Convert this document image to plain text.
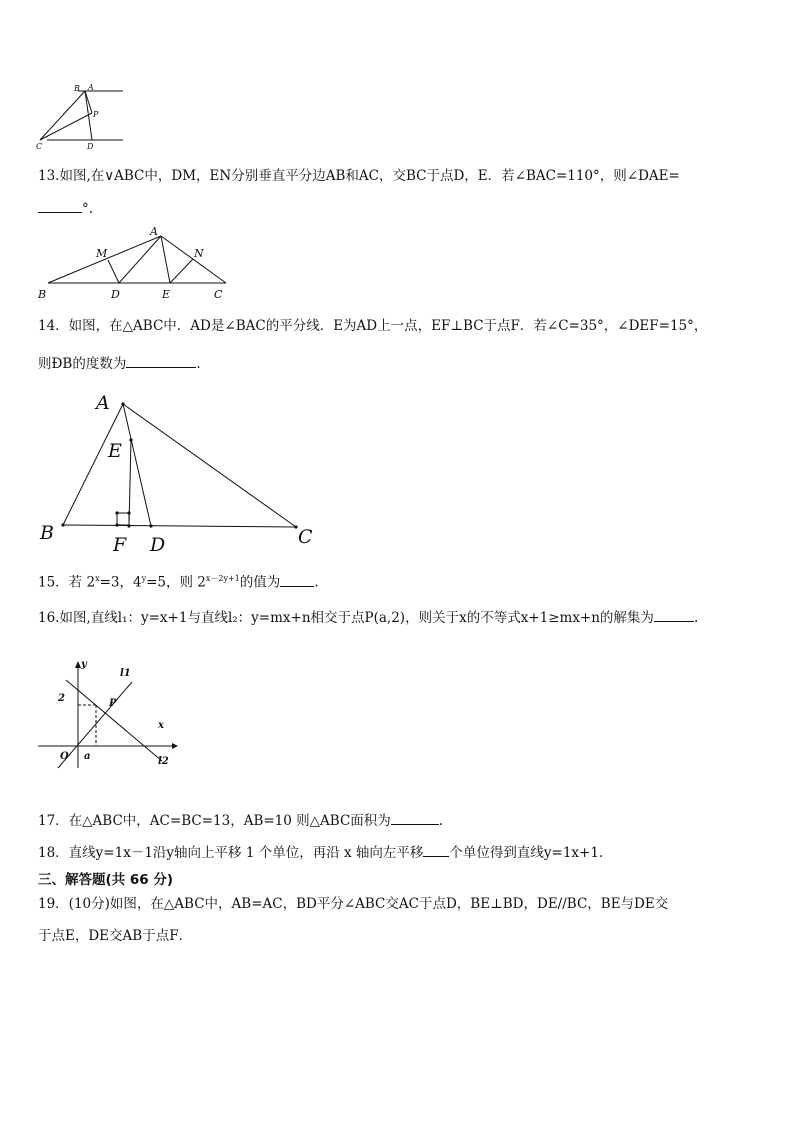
B A
P
C	D
13.如图,在∨ABC中，DM，EN分别垂直平分边AB和AC，交BC于点D，E．若∠BAC=110°，则∠DAE=
°.
A
M	N
B	D	E	C
14．如图，在△ABC中．AD是∠BAC的平分线．E为AD上一点，EF⊥BC于点F．若∠C=35°，∠DEF=15°，
则ÐB的度数为	.
A
E
B
F D	C
15．若 $2^x=3$，$4^y=5$，则 $2^{x-2y+1}$的值为	.
16.如图,直线l₁：y=x+1与直线l₂：y=mx+n相交于点P(a,2)，则关于x的不等式x+1≥mx+n的解集为	.
y
l1
2	P
x
O a	l2
17．在△ABC中，AC=BC=13，AB=10 则△ABC面积为	.
18．直线y=1x－1沿y轴向上平移 1 个单位，再沿 x 轴向左平移 个单位得到直线y=1x+1.
三、解答题(共 66 分)
19．(10分)如图，在△ABC中，AB=AC，BD平分∠ABC交AC于点D，BE⊥BD，DE//BC，BE与DE交
于点E，DE交AB于点F．
